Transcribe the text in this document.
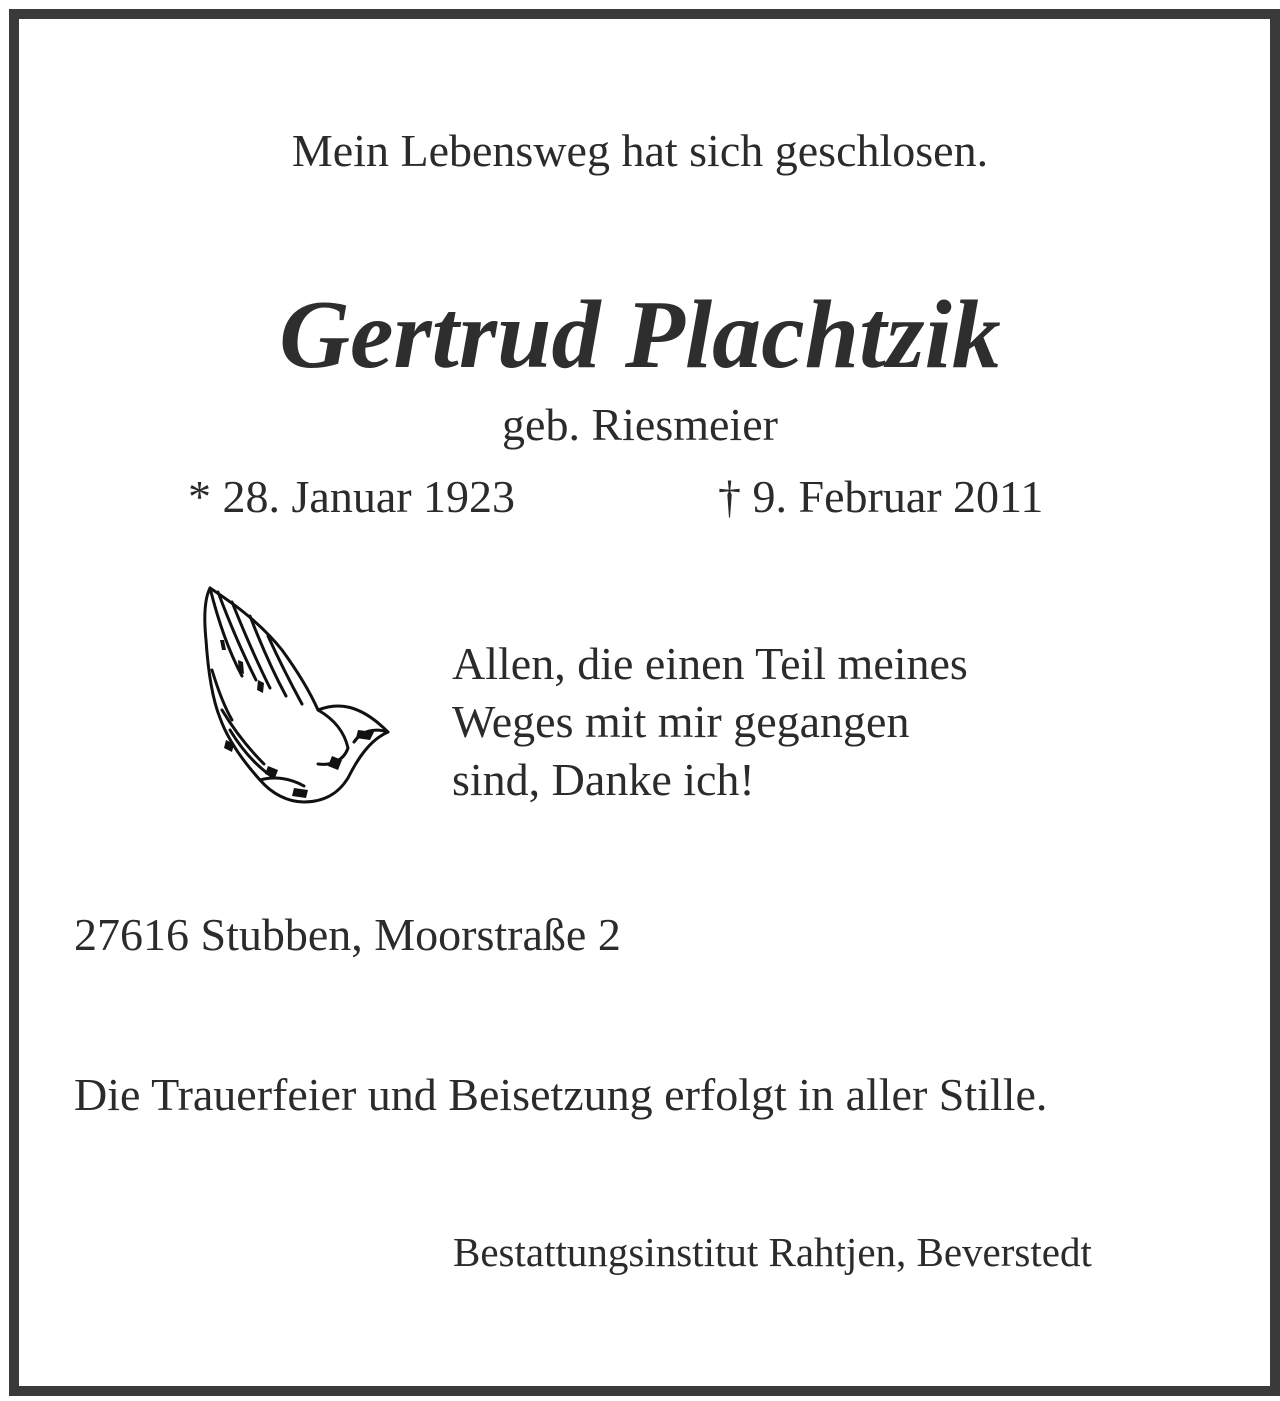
Mein Lebensweg hat sich geschlosen.

Gertrud Plachtzik

geb. Riesmeier

* 28. Januar 1923	† 9. Februar 2011

Allen, die einen Teil meines
Weges mit mir gegangen
sind, Danke ich!

27616 Stubben, Moorstraße 2

Die Trauerfeier und Beisetzung erfolgt in aller Stille.

Bestattungsinstitut Rahtjen, Beverstedt
